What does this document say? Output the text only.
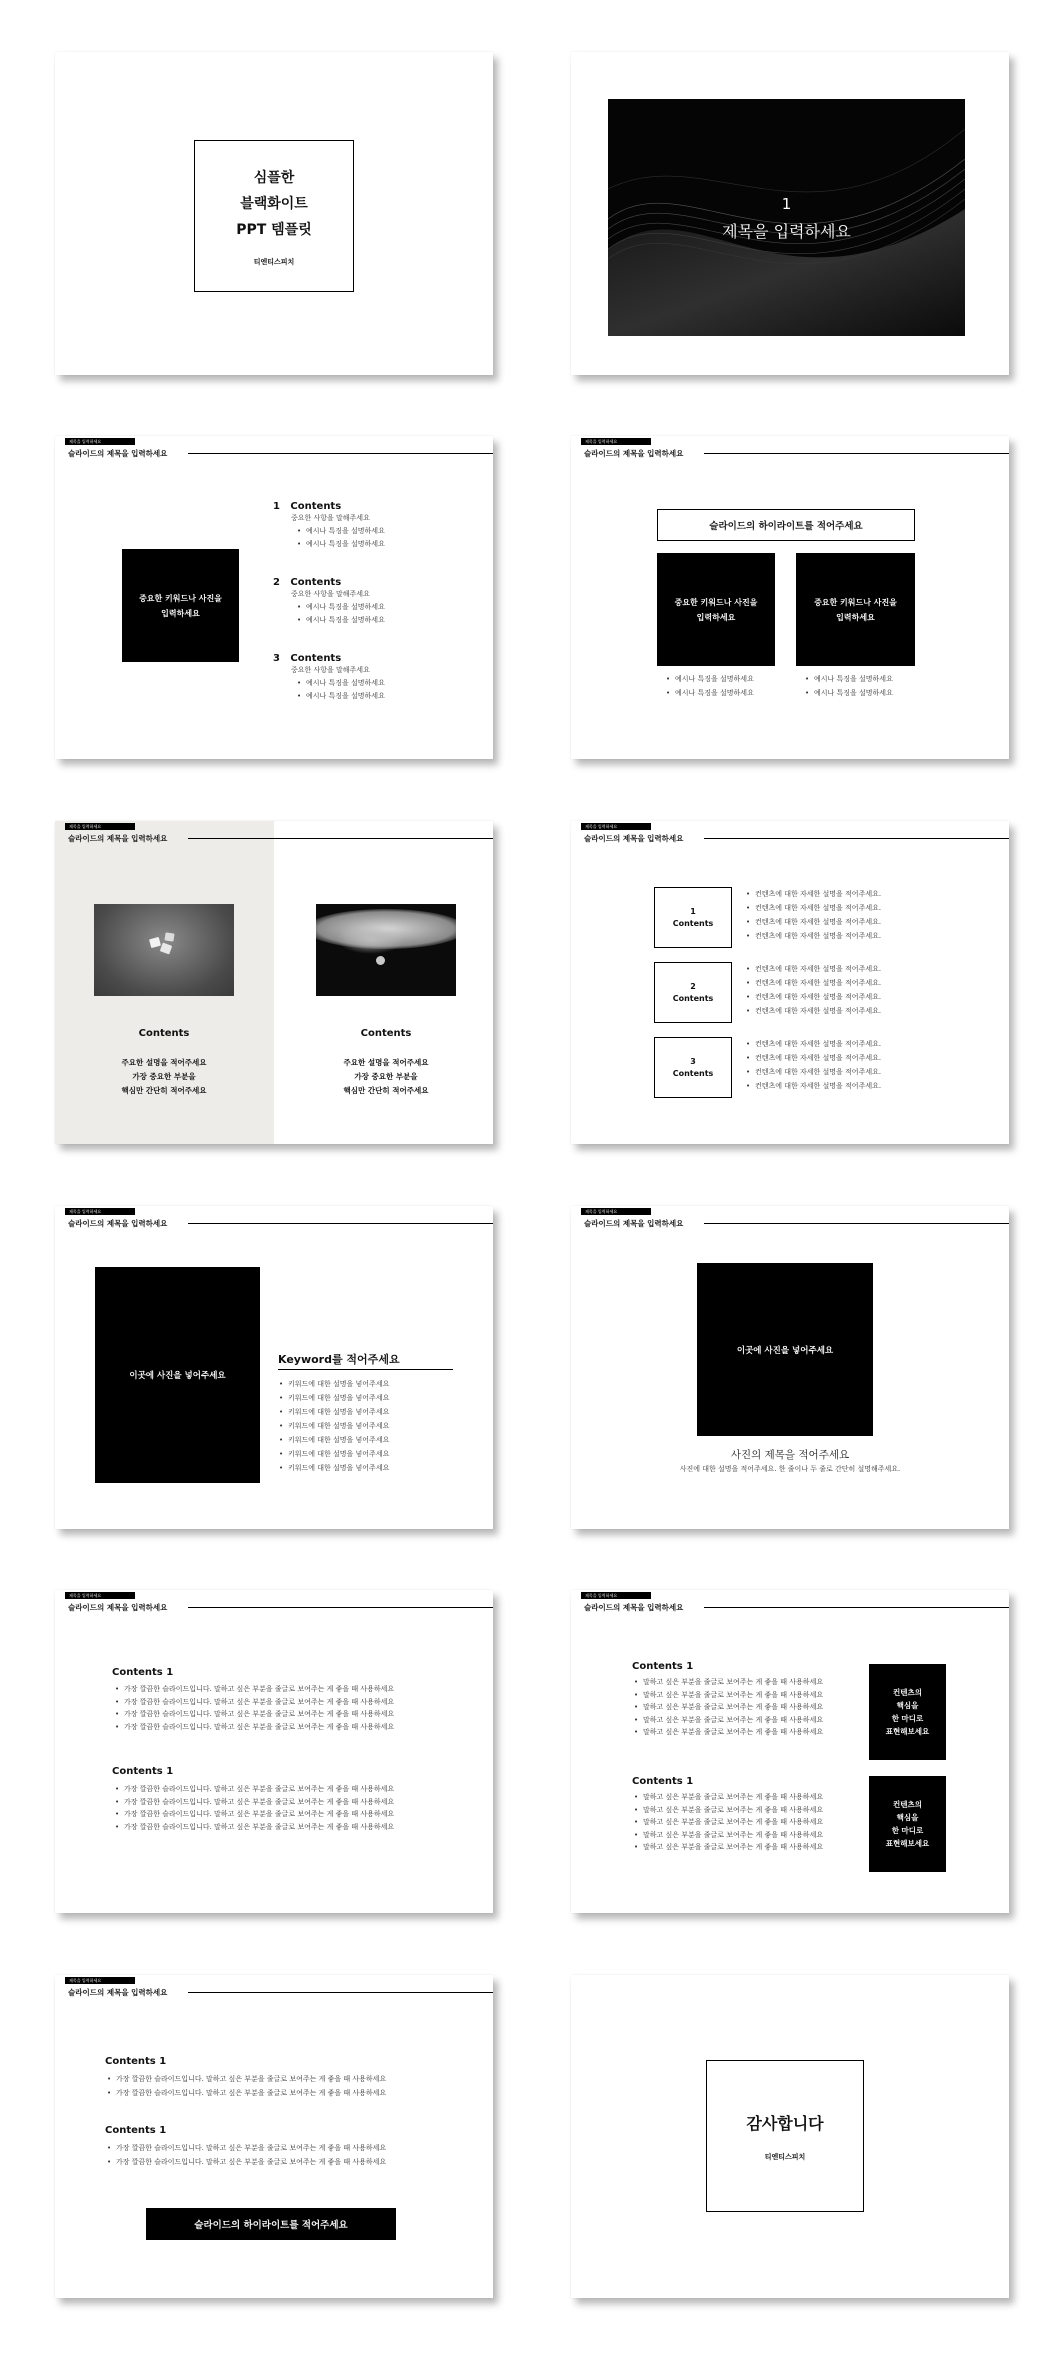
심플한
블랙화이트
PPT 템플릿
티엔티스피치
1
제목을 입력하세요
제목을 입력하세요
슬라이드의 제목을 입력하세요
중요한 키워드나 사진을
입력하세요
1 Contents
중요한 사항을 말해주세요
• 예시나 특징을 설명하세요
• 예시나 특징을 설명하세요
2 Contents
중요한 사항을 말해주세요
• 예시나 특징을 설명하세요
• 예시나 특징을 설명하세요
3 Contents
중요한 사항을 말해주세요
• 예시나 특징을 설명하세요
• 예시나 특징을 설명하세요
제목을 입력하세요
슬라이드의 제목을 입력하세요
슬라이드의 하이라이트를 적어주세요
중요한 키워드나 사진을
입력하세요
중요한 키워드나 사진을
입력하세요
• 예시나 특징을 설명하세요
• 예시나 특징을 설명하세요
• 예시나 특징을 설명하세요
• 예시나 특징을 설명하세요
제목을 입력하세요
슬라이드의 제목을 입력하세요
Contents
주요한 설명을 적어주세요
가장 중요한 부분을
핵심만 간단히 적어주세요
Contents
주요한 설명을 적어주세요
가장 중요한 부분을
핵심만 간단히 적어주세요
제목을 입력하세요
슬라이드의 제목을 입력하세요
1
Contents
• 컨텐츠에 대한 자세한 설명을 적어주세요.
• 컨텐츠에 대한 자세한 설명을 적어주세요.
• 컨텐츠에 대한 자세한 설명을 적어주세요.
• 컨텐츠에 대한 자세한 설명을 적어주세요.
2
Contents
• 컨텐츠에 대한 자세한 설명을 적어주세요.
• 컨텐츠에 대한 자세한 설명을 적어주세요.
• 컨텐츠에 대한 자세한 설명을 적어주세요.
• 컨텐츠에 대한 자세한 설명을 적어주세요.
3
Contents
• 컨텐츠에 대한 자세한 설명을 적어주세요.
• 컨텐츠에 대한 자세한 설명을 적어주세요.
• 컨텐츠에 대한 자세한 설명을 적어주세요.
• 컨텐츠에 대한 자세한 설명을 적어주세요.
제목을 입력하세요
슬라이드의 제목을 입력하세요
이곳에 사진을 넣어주세요
Keyword를 적어주세요
• 키워드에 대한 설명을 넣어주세요
• 키워드에 대한 설명을 넣어주세요
• 키워드에 대한 설명을 넣어주세요
• 키워드에 대한 설명을 넣어주세요
• 키워드에 대한 설명을 넣어주세요
• 키워드에 대한 설명을 넣어주세요
• 키워드에 대한 설명을 넣어주세요
제목을 입력하세요
슬라이드의 제목을 입력하세요
이곳에 사진을 넣어주세요
사진의 제목을 적어주세요
사진에 대한 설명을 적어주세요. 한 줄이나 두 줄로 간단히 설명해주세요.
제목을 입력하세요
슬라이드의 제목을 입력하세요
Contents 1
• 가장 깔끔한 슬라이드입니다. 말하고 싶은 부분을 줄글로 보여주는 게 좋을 때 사용하세요
• 가장 깔끔한 슬라이드입니다. 말하고 싶은 부분을 줄글로 보여주는 게 좋을 때 사용하세요
• 가장 깔끔한 슬라이드입니다. 말하고 싶은 부분을 줄글로 보여주는 게 좋을 때 사용하세요
• 가장 깔끔한 슬라이드입니다. 말하고 싶은 부분을 줄글로 보여주는 게 좋을 때 사용하세요
Contents 1
• 가장 깔끔한 슬라이드입니다. 말하고 싶은 부분을 줄글로 보여주는 게 좋을 때 사용하세요
• 가장 깔끔한 슬라이드입니다. 말하고 싶은 부분을 줄글로 보여주는 게 좋을 때 사용하세요
• 가장 깔끔한 슬라이드입니다. 말하고 싶은 부분을 줄글로 보여주는 게 좋을 때 사용하세요
• 가장 깔끔한 슬라이드입니다. 말하고 싶은 부분을 줄글로 보여주는 게 좋을 때 사용하세요
제목을 입력하세요
슬라이드의 제목을 입력하세요
Contents 1
• 말하고 싶은 부분을 줄글로 보여주는 게 좋을 때 사용하세요
• 말하고 싶은 부분을 줄글로 보여주는 게 좋을 때 사용하세요
• 말하고 싶은 부분을 줄글로 보여주는 게 좋을 때 사용하세요
• 말하고 싶은 부분을 줄글로 보여주는 게 좋을 때 사용하세요
• 말하고 싶은 부분을 줄글로 보여주는 게 좋을 때 사용하세요
컨텐츠의
핵심을
한 마디로
표현해보세요
Contents 1
• 말하고 싶은 부분을 줄글로 보여주는 게 좋을 때 사용하세요
• 말하고 싶은 부분을 줄글로 보여주는 게 좋을 때 사용하세요
• 말하고 싶은 부분을 줄글로 보여주는 게 좋을 때 사용하세요
• 말하고 싶은 부분을 줄글로 보여주는 게 좋을 때 사용하세요
• 말하고 싶은 부분을 줄글로 보여주는 게 좋을 때 사용하세요
컨텐츠의
핵심을
한 마디로
표현해보세요
제목을 입력하세요
슬라이드의 제목을 입력하세요
Contents 1
• 가장 깔끔한 슬라이드입니다. 말하고 싶은 부분을 줄글로 보여주는 게 좋을 때 사용하세요
• 가장 깔끔한 슬라이드입니다. 말하고 싶은 부분을 줄글로 보여주는 게 좋을 때 사용하세요
Contents 1
• 가장 깔끔한 슬라이드입니다. 말하고 싶은 부분을 줄글로 보여주는 게 좋을 때 사용하세요
• 가장 깔끔한 슬라이드입니다. 말하고 싶은 부분을 줄글로 보여주는 게 좋을 때 사용하세요
슬라이드의 하이라이트를 적어주세요
감사합니다
티엔티스피치
